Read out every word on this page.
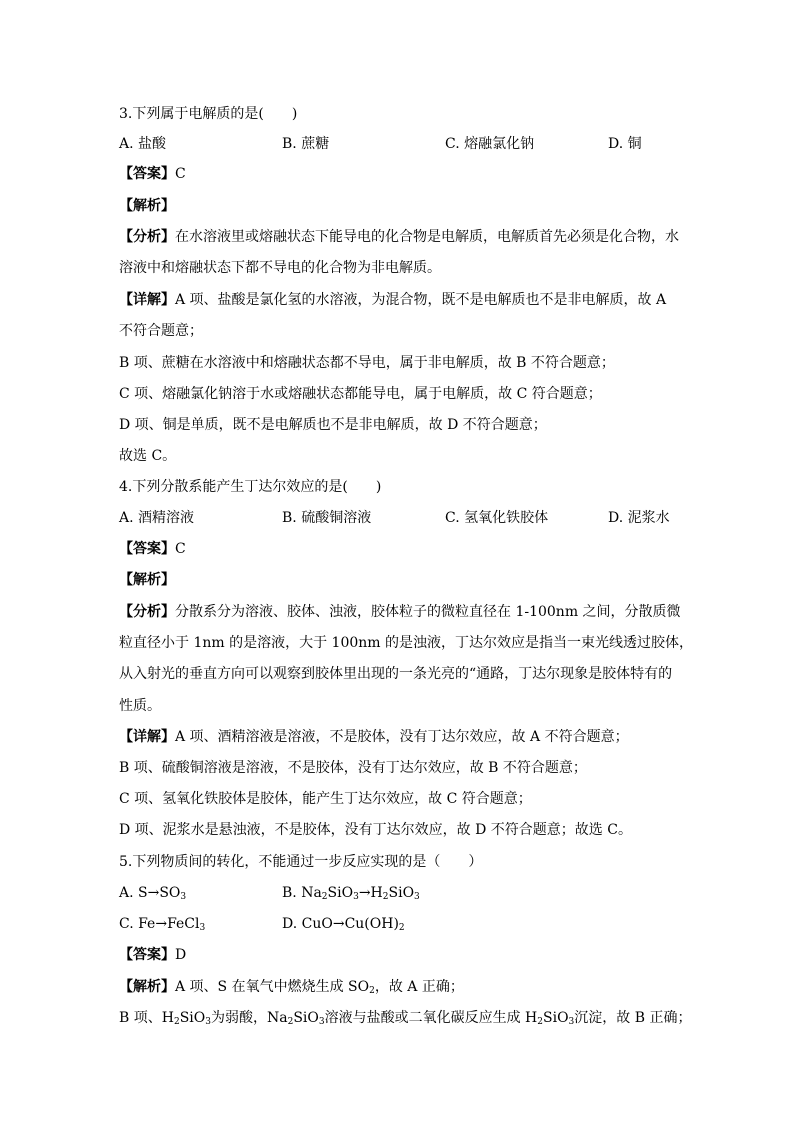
3.下列属于电解质的是(　　)
A. 盐酸	B. 蔗糖	C. 熔融氯化钠	D. 铜
【答案】C
【解析】
【分析】在水溶液里或熔融状态下能导电的化合物是电解质，电解质首先必须是化合物，水
溶液中和熔融状态下都不导电的化合物为非电解质。
【详解】A 项、盐酸是氯化氢的水溶液，为混合物，既不是电解质也不是非电解质，故 A
不符合题意；
B 项、蔗糖在水溶液中和熔融状态都不导电，属于非电解质，故 B 不符合题意；
C 项、熔融氯化钠溶于水或熔融状态都能导电，属于电解质，故 C 符合题意；
D 项、铜是单质，既不是电解质也不是非电解质，故 D 不符合题意；
故选 C。
4.下列分散系能产生丁达尔效应的是(　　)
A. 酒精溶液	B. 硫酸铜溶液	C. 氢氧化铁胶体	D. 泥浆水
【答案】C
【解析】
【分析】分散系分为溶液、胶体、浊液，胶体粒子的微粒直径在 1-100nm 之间，分散质微
粒直径小于 1nm 的是溶液，大于 100nm 的是浊液，丁达尔效应是指当一束光线透过胶体，
从入射光的垂直方向可以观察到胶体里出现的一条光亮的“通路，丁达尔现象是胶体特有的
性质。
【详解】A 项、酒精溶液是溶液，不是胶体，没有丁达尔效应，故 A 不符合题意；
B 项、硫酸铜溶液是溶液，不是胶体，没有丁达尔效应，故 B 不符合题意；
C 项、氢氧化铁胶体是胶体，能产生丁达尔效应，故 C 符合题意；
D 项、泥浆水是悬浊液，不是胶体，没有丁达尔效应，故 D 不符合题意；故选 C。
5.下列物质间的转化，不能通过一步反应实现的是（　　）
A. $S\to SO_3$	B. $Na_2SiO_3\to H_2SiO_3$
C. Fe→FeCl$_3$	D. $CuO\to Cu(OH)_2$
【答案】D
【解析】A 项、S 在氧气中燃烧生成 $SO_2$，故 A 正确；
B 项、$H_2SiO_3$为弱酸，$Na_2SiO_3$溶液与盐酸或二氧化碳反应生成 $H_2SiO_3$沉淀，故 B 正确；
